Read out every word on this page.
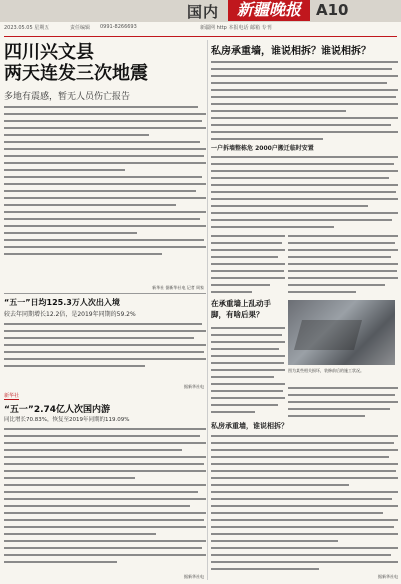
国内	新疆晚报	A10
2023.05.05 星期五	责任编辑 0991-8266693	新疆网 http 本报电话 邮箱 专刊
四川兴文县
两天连发三次地震
多地有震感，暂无人员伤亡报告
新华社 据新华社电 记者 周家
“五一”日均125.3万人次出入境
较去年同期增长12.2倍，是2019年同期的59.2%
据新华社电
新华社
“五一”2.74亿人次国内游
同比增长70.83%，恢复至2019年同期的119.09%
据新华社电
私房承重墙，谁说相拆？谁说相拆？
一户拆墙整栋危 2000户搬迁临时安置
在承重墙上乱动手脚，有啥后果？
图为某些相关损坏，装修前后的施工状况。
私房承重墙，谁说相拆？
据新华社电
